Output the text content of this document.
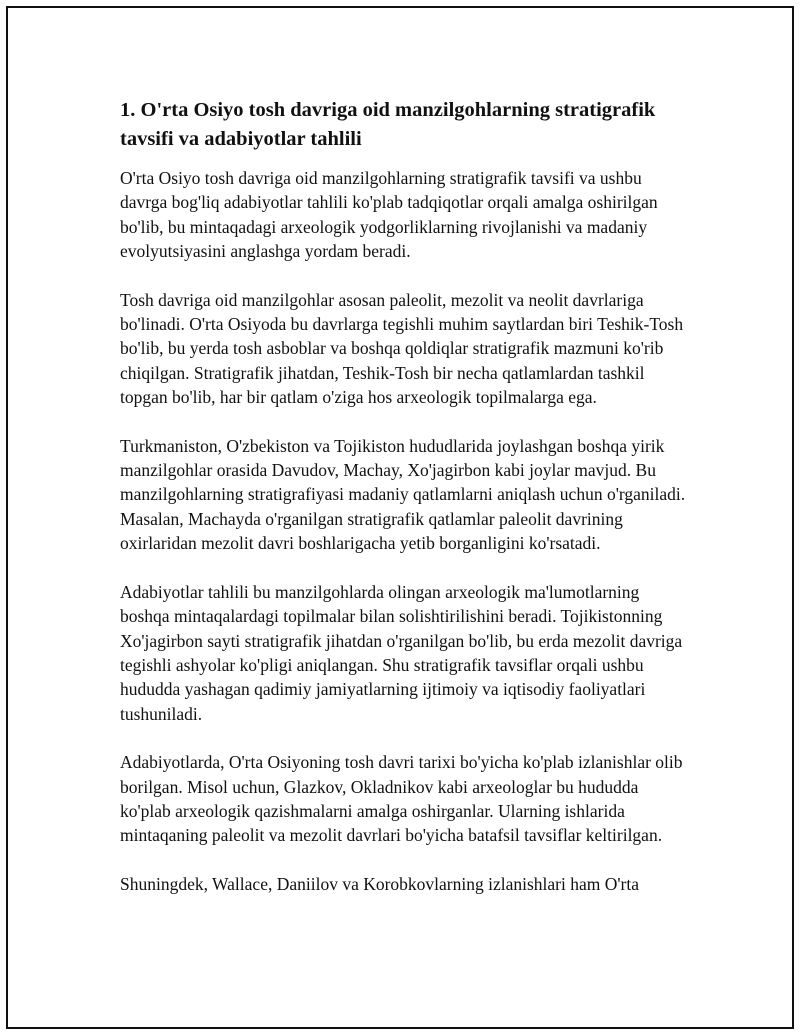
1. O'rta Osiyo tosh davriga oid manzilgohlarning stratigrafik tavsifi va adabiyotlar tahlili

O'rta Osiyo tosh davriga oid manzilgohlarning stratigrafik tavsifi va ushbu davrga bog'liq adabiyotlar tahlili ko'plab tadqiqotlar orqali amalga oshirilgan bo'lib, bu mintaqadagi arxeologik yodgorliklarning rivojlanishi va madaniy evolyutsiyasini anglashga yordam beradi.

Tosh davriga oid manzilgohlar asosan paleolit, mezolit va neolit davrlariga bo'linadi. O'rta Osiyoda bu davrlarga tegishli muhim saytlardan biri Teshik-Tosh bo'lib, bu yerda tosh asboblar va boshqa qoldiqlar stratigrafik mazmuni ko'rib chiqilgan. Stratigrafik jihatdan, Teshik-Tosh bir necha qatlamlardan tashkil topgan bo'lib, har bir qatlam o'ziga hos arxeologik topilmalarga ega.

Turkmaniston, O'zbekiston va Tojikiston hududlarida joylashgan boshqa yirik manzilgohlar orasida Davudov, Machay, Xo'jagirbon kabi joylar mavjud. Bu manzilgohlarning stratigrafiyasi madaniy qatlamlarni aniqlash uchun o'rganiladi. Masalan, Machayda o'rganilgan stratigrafik qatlamlar paleolit davrining oxirlaridan mezolit davri boshlarigacha yetib borganligini ko'rsatadi.

Adabiyotlar tahlili bu manzilgohlarda olingan arxeologik ma'lumotlarning boshqa mintaqalardagi topilmalar bilan solishtirilishini beradi. Tojikistonning Xo'jagirbon sayti stratigrafik jihatdan o'rganilgan bo'lib, bu erda mezolit davriga tegishli ashyolar ko'pligi aniqlangan. Shu stratigrafik tavsiflar orqali ushbu hududda yashagan qadimiy jamiyatlarning ijtimoiy va iqtisodiy faoliyatlari tushuniladi.

Adabiyotlarda, O'rta Osiyoning tosh davri tarixi bo'yicha ko'plab izlanishlar olib borilgan. Misol uchun, Glazkov, Okladnikov kabi arxeologlar bu hududda ko'plab arxeologik qazishmalarni amalga oshirganlar. Ularning ishlarida mintaqaning paleolit va mezolit davrlari bo'yicha batafsil tavsiflar keltirilgan.

Shuningdek, Wallace, Daniilov va Korobkovlarning izlanishlari ham O'rta
